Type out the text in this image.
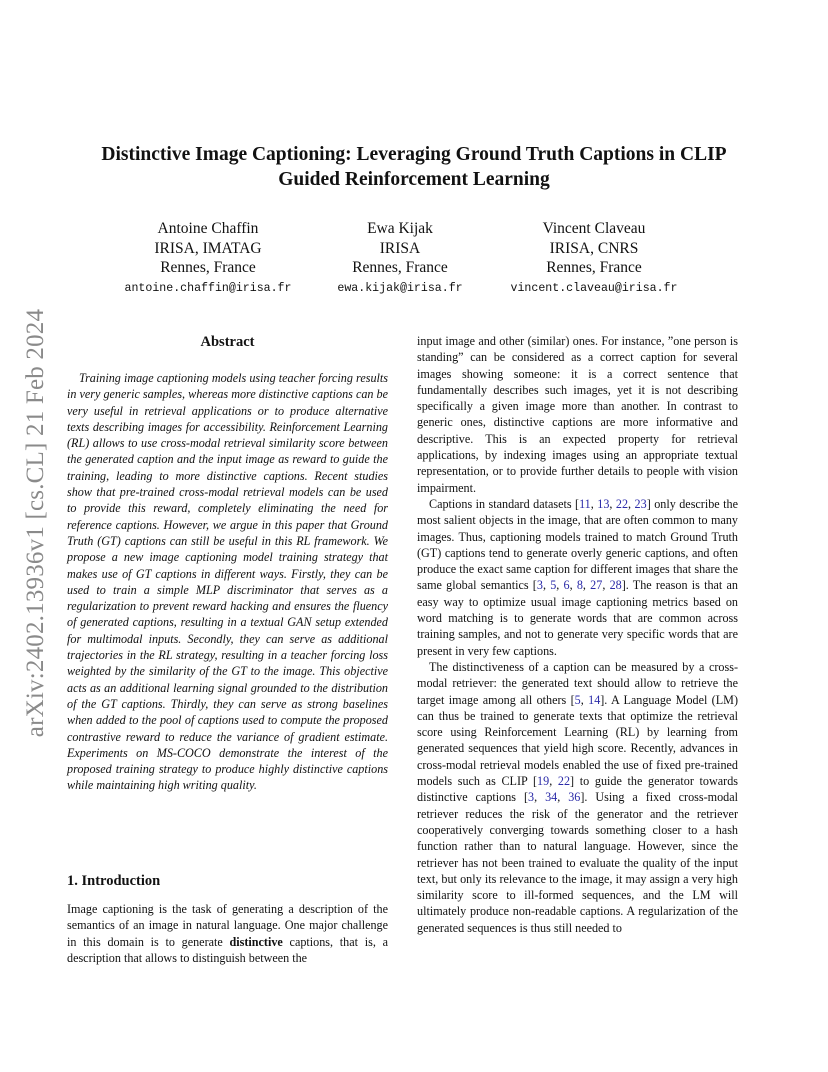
arXiv:2402.13936v1 [cs.CL] 21 Feb 2024
Distinctive Image Captioning: Leveraging Ground Truth Captions in CLIP
Guided Reinforcement Learning
Antoine Chaffin
IRISA, IMATAG
Rennes, France
antoine.chaffin@irisa.fr
Ewa Kijak
IRISA
Rennes, France
ewa.kijak@irisa.fr
Vincent Claveau
IRISA, CNRS
Rennes, France
vincent.claveau@irisa.fr
Abstract

Training image captioning models using teacher forcing results in very generic samples, whereas more distinctive captions can be very useful in retrieval applications or to produce alternative texts describing images for accessibility. Reinforcement Learning (RL) allows to use cross-modal retrieval similarity score between the generated caption and the input image as reward to guide the training, leading to more distinctive captions. Recent studies show that pre-trained cross-modal retrieval models can be used to provide this reward, completely eliminating the need for reference captions. However, we argue in this paper that Ground Truth (GT) captions can still be useful in this RL framework. We propose a new image captioning model training strategy that makes use of GT captions in different ways. Firstly, they can be used to train a simple MLP discriminator that serves as a regularization to prevent reward hacking and ensures the fluency of generated captions, resulting in a textual GAN setup extended for multimodal inputs. Secondly, they can serve as additional trajectories in the RL strategy, resulting in a teacher forcing loss weighted by the similarity of the GT to the image. This objective acts as an additional learning signal grounded to the distribution of the GT captions. Thirdly, they can serve as strong baselines when added to the pool of captions used to compute the proposed contrastive reward to reduce the variance of gradient estimate. Experiments on MS-COCO demonstrate the interest of the proposed training strategy to produce highly distinctive captions while maintaining high writing quality.

1. Introduction

Image captioning is the task of generating a description of the semantics of an image in natural language. One major challenge in this domain is to generate distinctive captions, that is, a description that allows to distinguish between the

input image and other (similar) ones. For instance, ”one person is standing” can be considered as a correct caption for several images showing someone: it is a correct sentence that fundamentally describes such images, yet it is not describing specifically a given image more than another. In contrast to generic ones, distinctive captions are more informative and descriptive. This is an expected property for retrieval applications, by indexing images using an appropriate textual representation, or to provide further details to people with vision impairment.

Captions in standard datasets [11, 13, 22, 23] only describe the most salient objects in the image, that are often common to many images. Thus, captioning models trained to match Ground Truth (GT) captions tend to generate overly generic captions, and often produce the exact same caption for different images that share the same global semantics [3, 5, 6, 8, 27, 28]. The reason is that an easy way to optimize usual image captioning metrics based on word matching is to generate words that are common across training samples, and not to generate very specific words that are present in very few captions.

The distinctiveness of a caption can be measured by a cross-modal retriever: the generated text should allow to retrieve the target image among all others [5, 14]. A Language Model (LM) can thus be trained to generate texts that optimize the retrieval score using Reinforcement Learning (RL) by learning from generated sequences that yield high score. Recently, advances in cross-modal retrieval models enabled the use of fixed pre-trained models such as CLIP [19, 22] to guide the generator towards distinctive captions [3, 34, 36]. Using a fixed cross-modal retriever reduces the risk of the generator and the retriever cooperatively converging towards something closer to a hash function rather than to natural language. However, since the retriever has not been trained to evaluate the quality of the input text, but only its relevance to the image, it may assign a very high similarity score to ill-formed sequences, and the LM will ultimately produce non-readable captions. A regularization of the generated sequences is thus still needed to
